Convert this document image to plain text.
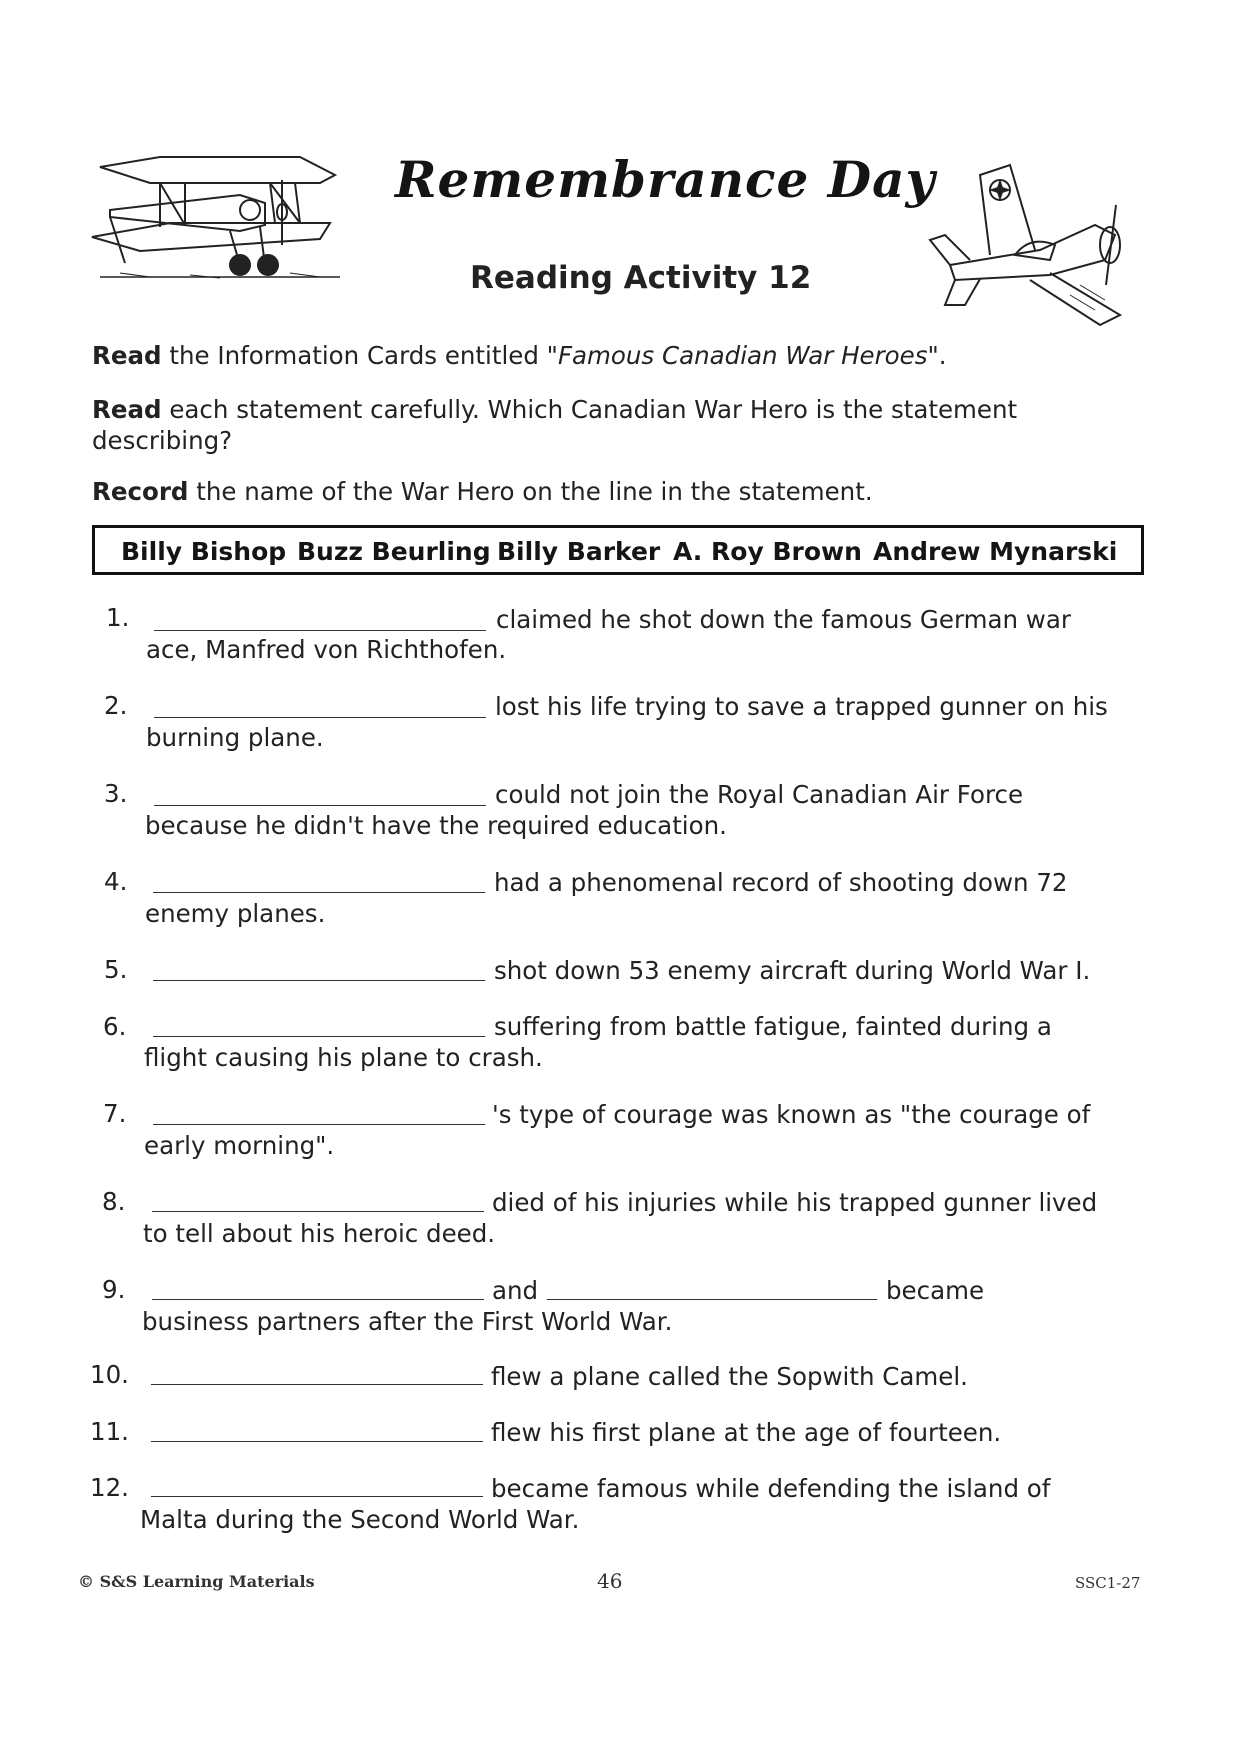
Remembrance Day
Reading Activity 12
Read the Information Cards entitled "Famous Canadian War Heroes".
Read each statement carefully. Which Canadian War Hero is the statement
describing?
Record the name of the War Hero on the line in the statement.
Billy Bishop Buzz Beurling Billy Barker A. Roy Brown Andrew Mynarski
1.	claimed he shot down the famous German war
ace, Manfred von Richthofen.
2.	lost his life trying to save a trapped gunner on his
burning plane.
3.	could not join the Royal Canadian Air Force
because he didn't have the required education.
4.	had a phenomenal record of shooting down 72
enemy planes.
5.	shot down 53 enemy aircraft during World War I.
6.	suffering from battle fatigue, fainted during a
flight causing his plane to crash.
7.	's type of courage was known as "the courage of
early morning".
8.	died of his injuries while his trapped gunner lived
to tell about his heroic deed.
9.	and	became
business partners after the First World War.
10.	flew a plane called the Sopwith Camel.
11.	flew his first plane at the age of fourteen.
12.	became famous while defending the island of
Malta during the Second World War.
© S&S Learning Materials	46	SSC1-27
